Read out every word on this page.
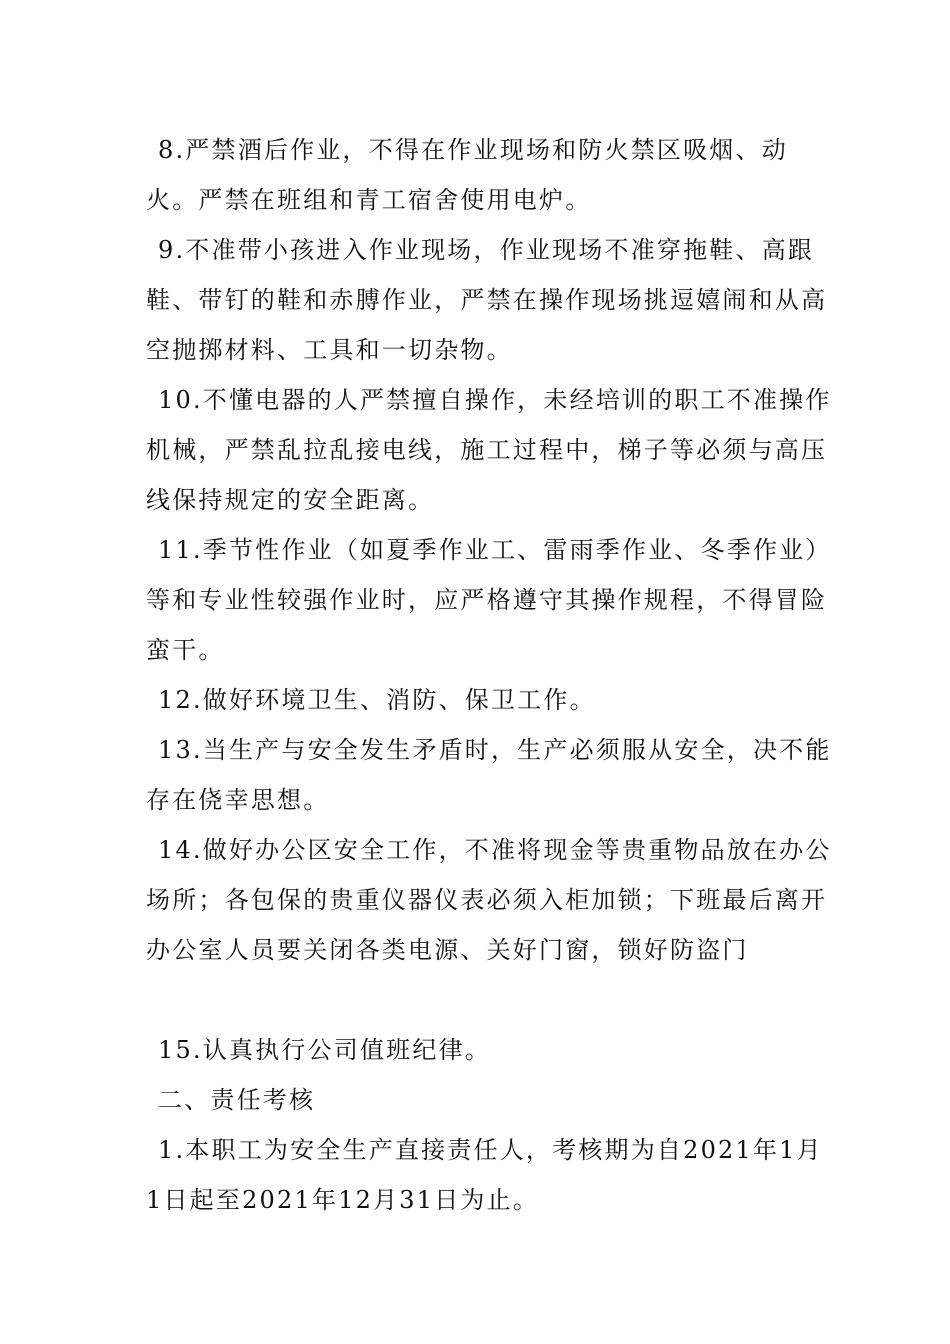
8.严禁酒后作业，不得在作业现场和防火禁区吸烟、动火。严禁在班组和青工宿舍使用电炉。

9.不准带小孩进入作业现场，作业现场不准穿拖鞋、高跟鞋、带钉的鞋和赤膊作业，严禁在操作现场挑逗嬉闹和从高空抛掷材料、工具和一切杂物。

10.不懂电器的人严禁擅自操作，未经培训的职工不准操作机械，严禁乱拉乱接电线，施工过程中，梯子等必须与高压线保持规定的安全距离。

11.季节性作业（如夏季作业工、雷雨季作业、冬季作业）等和专业性较强作业时，应严格遵守其操作规程，不得冒险蛮干。

12.做好环境卫生、消防、保卫工作。

13.当生产与安全发生矛盾时，生产必须服从安全，决不能存在侥幸思想。

14.做好办公区安全工作，不准将现金等贵重物品放在办公场所；各包保的贵重仪器仪表必须入柜加锁；下班最后离开办公室人员要关闭各类电源、关好门窗，锁好防盗门

15.认真执行公司值班纪律。

二、责任考核

1.本职工为安全生产直接责任人，考核期为自2021年1月1日起至2021年12月31日为止。
